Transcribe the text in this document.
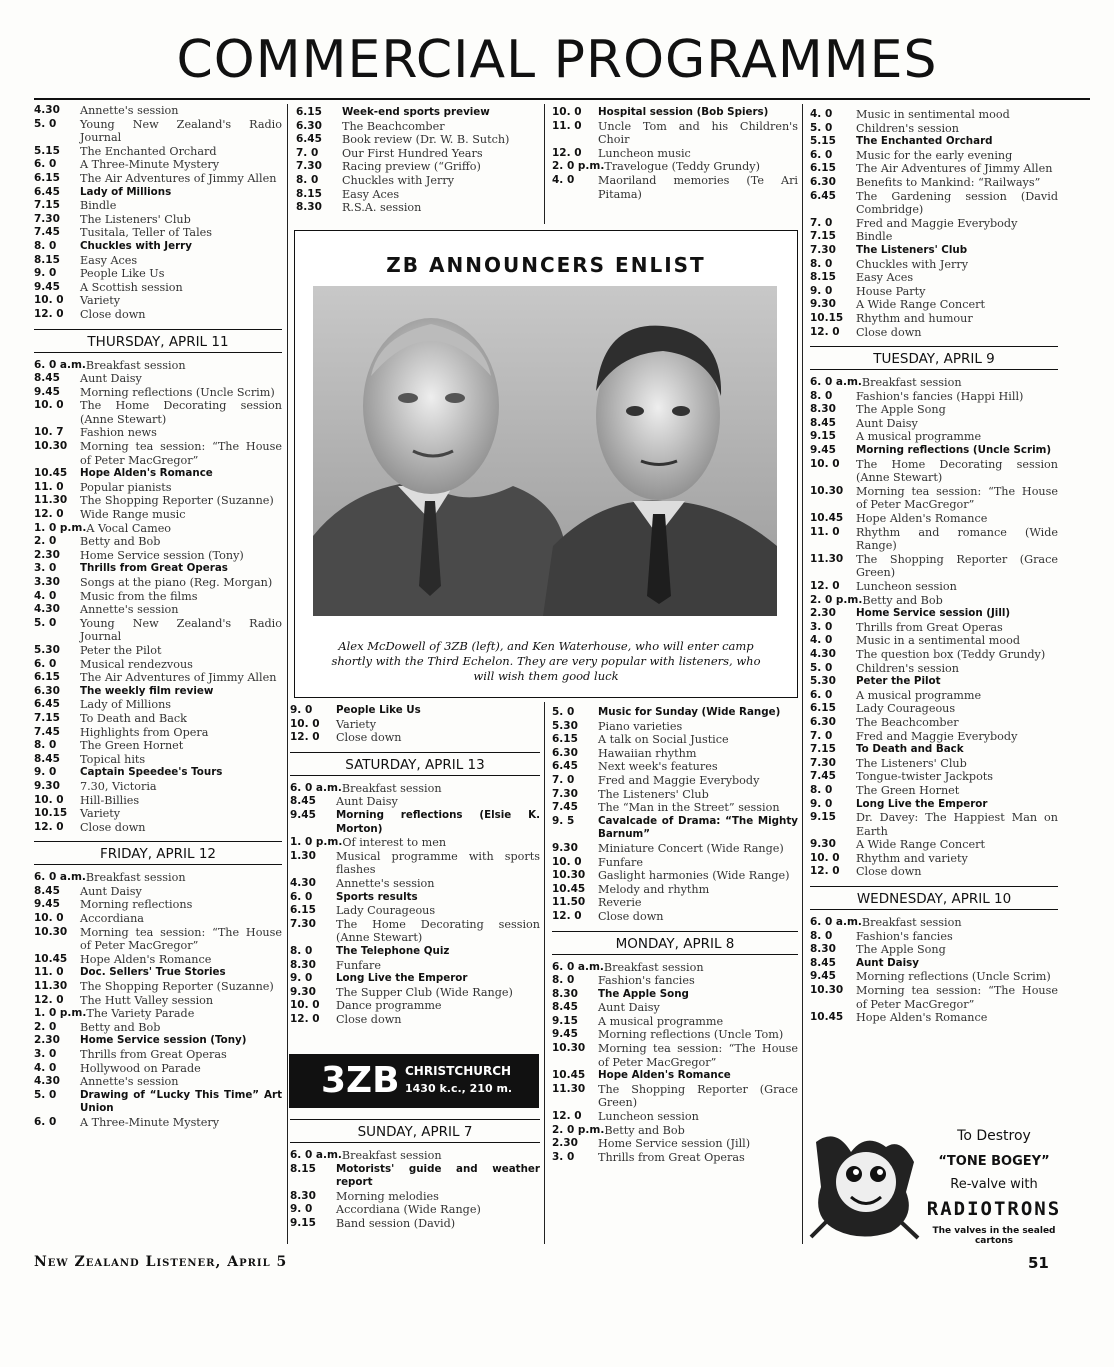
COMMERCIAL PROGRAMMES
4.30	Annette's session
5. 0	Young New Zealand's Radio Journal
5.15	The Enchanted Orchard
6. 0	A Three-Minute Mystery
6.15	The Air Adventures of Jimmy Allen
6.45	Lady of Millions
7.15	Bindle
7.30	The Listeners' Club
7.45	Tusitala, Teller of Tales
8. 0	Chuckles with Jerry
8.15	Easy Aces
9. 0	People Like Us
9.45	A Scottish session
10. 0	Variety
12. 0	Close down
THURSDAY, APRIL 11
6. 0 a.m. Breakfast session
8.45	Aunt Daisy
9.45	Morning reflections (Uncle Scrim)
10. 0	The Home Decorating session (Anne Stewart)
10. 7	Fashion news
10.30	Morning tea session: “The House of Peter MacGregor”
10.45	Hope Alden's Romance
11. 0	Popular pianists
11.30	The Shopping Reporter (Suzanne)
12. 0	Wide Range music
1. 0 p.m. A Vocal Cameo
2. 0	Betty and Bob
2.30	Home Service session (Tony)
3. 0	Thrills from Great Operas
3.30	Songs at the piano (Reg. Morgan)
4. 0	Music from the films
4.30	Annette's session
5. 0	Young New Zealand's Radio Journal
5.30	Peter the Pilot
6. 0	Musical rendezvous
6.15	The Air Adventures of Jimmy Allen
6.30	The weekly film review
6.45	Lady of Millions
7.15	To Death and Back
7.45	Highlights from Opera
8. 0	The Green Hornet
8.45	Topical hits
9. 0	Captain Speedee's Tours
9.30	7.30, Victoria
10. 0	Hill-Billies
10.15	Variety
12. 0	Close down
FRIDAY, APRIL 12
6. 0 a.m. Breakfast session
8.45	Aunt Daisy
9.45	Morning reflections
10. 0	Accordiana
10.30	Morning tea session: “The House of Peter MacGregor”
10.45	Hope Alden's Romance
11. 0	Doc. Sellers' True Stories
11.30	The Shopping Reporter (Suzanne)
12. 0	The Hutt Valley session
1. 0 p.m. The Variety Parade
2. 0	Betty and Bob
2.30	Home Service session (Tony)
3. 0	Thrills from Great Operas
4. 0	Hollywood on Parade
4.30	Annette's session
5. 0	Drawing of “Lucky This Time” Art Union
6. 0	A Three-Minute Mystery
6.15	Week-end sports preview
6.30	The Beachcomber
6.45	Book review (Dr. W. B. Sutch)
7. 0	Our First Hundred Years
7.30	Racing preview (“Griffo)
8. 0	Chuckles with Jerry
8.15	Easy Aces
8.30	R.S.A. session
10. 0	Hospital session (Bob Spiers)
11. 0	Uncle Tom and his Children's Choir
12. 0	Luncheon music
2. 0 p.m. Travelogue (Teddy Grundy)
4. 0	Maoriland memories (Te Ari Pitama)
ZB ANNOUNCERS ENLIST
Alex McDowell of 3ZB (left), and Ken Waterhouse, who will enter camp shortly with the Third Echelon. They are very popular with listeners, who will wish them good luck
9. 0	People Like Us
10. 0	Variety
12. 0	Close down
SATURDAY, APRIL 13
6. 0 a.m. Breakfast session
8.45	Aunt Daisy
9.45	Morning reflections (Elsie K. Morton)
1. 0 p.m. Of interest to men
1.30	Musical programme with sports flashes
4.30	Annette's session
6. 0	Sports results
6.15	Lady Courageous
7.30	The Home Decorating session (Anne Stewart)
8. 0	The Telephone Quiz
8.30	Funfare
9. 0	Long Live the Emperor
9.30	The Supper Club (Wide Range)
10. 0	Dance programme
12. 0	Close down
3ZB CHRISTCHURCH
1430 k.c., 210 m.
SUNDAY, APRIL 7
6. 0 a.m. Breakfast session
8.15	Motorists' guide and weather report
8.30	Morning melodies
9. 0	Accordiana (Wide Range)
9.15	Band session (David)
5. 0	Music for Sunday (Wide Range)
5.30	Piano varieties
6.15	A talk on Social Justice
6.30	Hawaiian rhythm
6.45	Next week's features
7. 0	Fred and Maggie Everybody
7.30	The Listeners' Club
7.45	The “Man in the Street” session
9. 5	Cavalcade of Drama: “The Mighty Barnum”
9.30	Miniature Concert (Wide Range)
10. 0	Funfare
10.30	Gaslight harmonies (Wide Range)
10.45	Melody and rhythm
11.50	Reverie
12. 0	Close down
MONDAY, APRIL 8
6. 0 a.m. Breakfast session
8. 0	Fashion's fancies
8.30	The Apple Song
8.45	Aunt Daisy
9.15	A musical programme
9.45	Morning reflections (Uncle Tom)
10.30	Morning tea session: “The House of Peter MacGregor”
10.45	Hope Alden's Romance
11.30	The Shopping Reporter (Grace Green)
12. 0	Luncheon session
2. 0 p.m. Betty and Bob
2.30	Home Service session (Jill)
3. 0	Thrills from Great Operas
4. 0	Music in sentimental mood
5. 0	Children's session
5.15	The Enchanted Orchard
6. 0	Music for the early evening
6.15	The Air Adventures of Jimmy Allen
6.30	Benefits to Mankind: “Railways”
6.45	The Gardening session (David Combridge)
7. 0	Fred and Maggie Everybody
7.15	Bindle
7.30	The Listeners' Club
8. 0	Chuckles with Jerry
8.15	Easy Aces
9. 0	House Party
9.30	A Wide Range Concert
10.15	Rhythm and humour
12. 0	Close down
TUESDAY, APRIL 9
6. 0 a.m. Breakfast session
8. 0	Fashion's fancies (Happi Hill)
8.30	The Apple Song
8.45	Aunt Daisy
9.15	A musical programme
9.45	Morning reflections (Uncle Scrim)
10. 0	The Home Decorating session (Anne Stewart)
10.30	Morning tea session: “The House of Peter MacGregor”
10.45	Hope Alden's Romance
11. 0	Rhythm and romance (Wide Range)
11.30	The Shopping Reporter (Grace Green)
12. 0	Luncheon session
2. 0 p.m. Betty and Bob
2.30	Home Service session (Jill)
3. 0	Thrills from Great Operas
4. 0	Music in a sentimental mood
4.30	The question box (Teddy Grundy)
5. 0	Children's session
5.30	Peter the Pilot
6. 0	A musical programme
6.15	Lady Courageous
6.30	The Beachcomber
7. 0	Fred and Maggie Everybody
7.15	To Death and Back
7.30	The Listeners' Club
7.45	Tongue-twister Jackpots
8. 0	The Green Hornet
9. 0	Long Live the Emperor
9.15	Dr. Davey: The Happiest Man on Earth
9.30	A Wide Range Concert
10. 0	Rhythm and variety
12. 0	Close down
WEDNESDAY, APRIL 10
6. 0 a.m. Breakfast session
8. 0	Fashion's fancies
8.30	The Apple Song
8.45	Aunt Daisy
9.45	Morning reflections (Uncle Scrim)
10.30	Morning tea session: “The House of Peter MacGregor”
10.45	Hope Alden's Romance
To Destroy
“TONE BOGEY”
Re-valve with
RADIOTRONS
The valves in the sealed cartons
New Zealand Listener, April 5	51
